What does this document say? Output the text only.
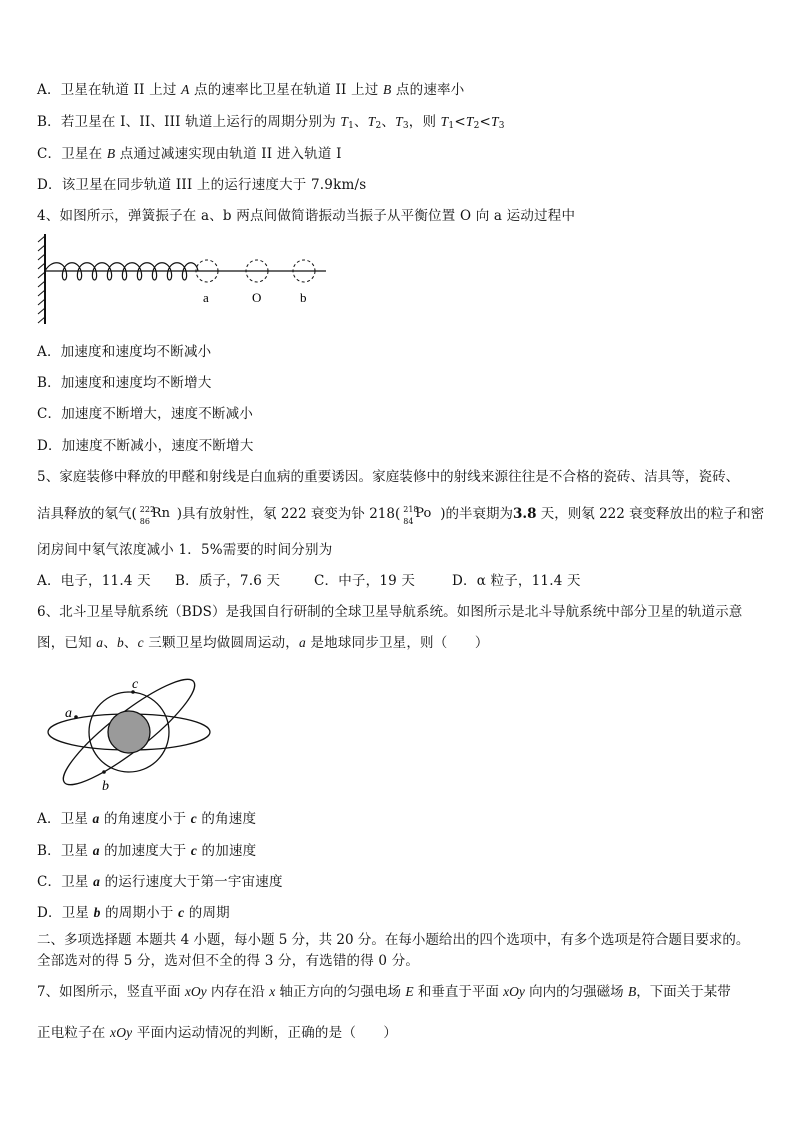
A．卫星在轨道 II 上过 A 点的速率比卫星在轨道 II 上过 B 点的速率小
B．若卫星在 I、II、III 轨道上运行的周期分别为 $T_1$、$T_2$、$T_3$，则 $T_1<T_2<T_3$
C．卫星在 B 点通过减速实现由轨道 II 进入轨道 I
D．该卫星在同步轨道 III 上的运行速度大于 7.9km/s
4、如图所示，弹簧振子在 a、b 两点间做简谐振动当振子从平衡位置 O 向 a 运动过程中
a	O	b
A．加速度和速度均不断减小
B．加速度和速度均不断增大
C．加速度不断增大，速度不断减小
D．加速度不断减小，速度不断增大
5、家庭装修中释放的甲醛和射线是白血病的重要诱因。家庭装修中的射线来源往往是不合格的瓷砖、洁具等，瓷砖、
洁具释放的氡气( 222
86
Rn )具有放射性，氡 222 衰变为钋 218( 218
84
Po )的半衰期为3.8 天，则氡 222 衰变释放出的粒子和密
闭房间中氡气浓度减小 1．5%需要的时间分别为
A．电子，11.4 天 B．质子，7.6 天	C．中子，19 天	D．α 粒子，11.4 天
6、北斗卫星导航系统（BDS）是我国自行研制的全球卫星导航系统。如图所示是北斗导航系统中部分卫星的轨道示意
图，已知 a、b、c 三颗卫星均做圆周运动，a 是地球同步卫星，则（　　）
a
b
c
A．卫星 a 的角速度小于 c 的角速度
B．卫星 a 的加速度大于 c 的加速度
C．卫星 a 的运行速度大于第一宇宙速度
D．卫星 b 的周期小于 c 的周期
二、多项选择题 本题共 4 小题，每小题 5 分，共 20 分。在每小题给出的四个选项中，有多个选项是符合题目要求的。
全部选对的得 5 分，选对但不全的得 3 分，有选错的得 0 分。
7、如图所示，竖直平面 xOy 内存在沿 x 轴正方向的匀强电场 E 和垂直于平面 xOy 向内的匀强磁场 B，下面关于某带
正电粒子在 xOy 平面内运动情况的判断，正确的是（　　）
